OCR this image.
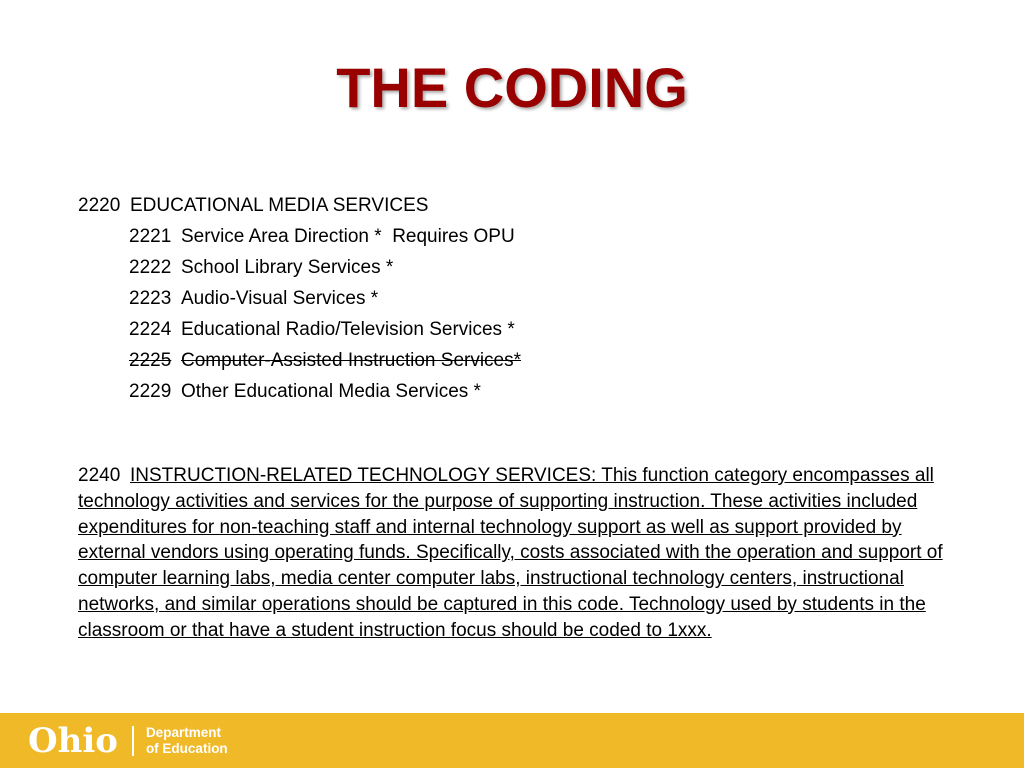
THE CODING
2220 EDUCATIONAL MEDIA SERVICES
2221 Service Area Direction *  Requires OPU
2222 School Library Services *
2223 Audio-Visual Services *
2224 Educational Radio/Television Services *
2225 Computer-Assisted Instruction Services*
2229 Other Educational Media Services *

2240 INSTRUCTION-RELATED TECHNOLOGY SERVICES: This function category encompasses all technology activities and services for the purpose of supporting instruction. These activities included expenditures for non-teaching staff and internal technology support as well as support provided by external vendors using operating funds. Specifically, costs associated with the operation and support of computer learning labs, media center computer labs, instructional technology centers, instructional networks, and similar operations should be captured in this code. Technology used by students in the classroom or that have a student instruction focus should be coded to 1xxx.

Ohio Department
of Education
